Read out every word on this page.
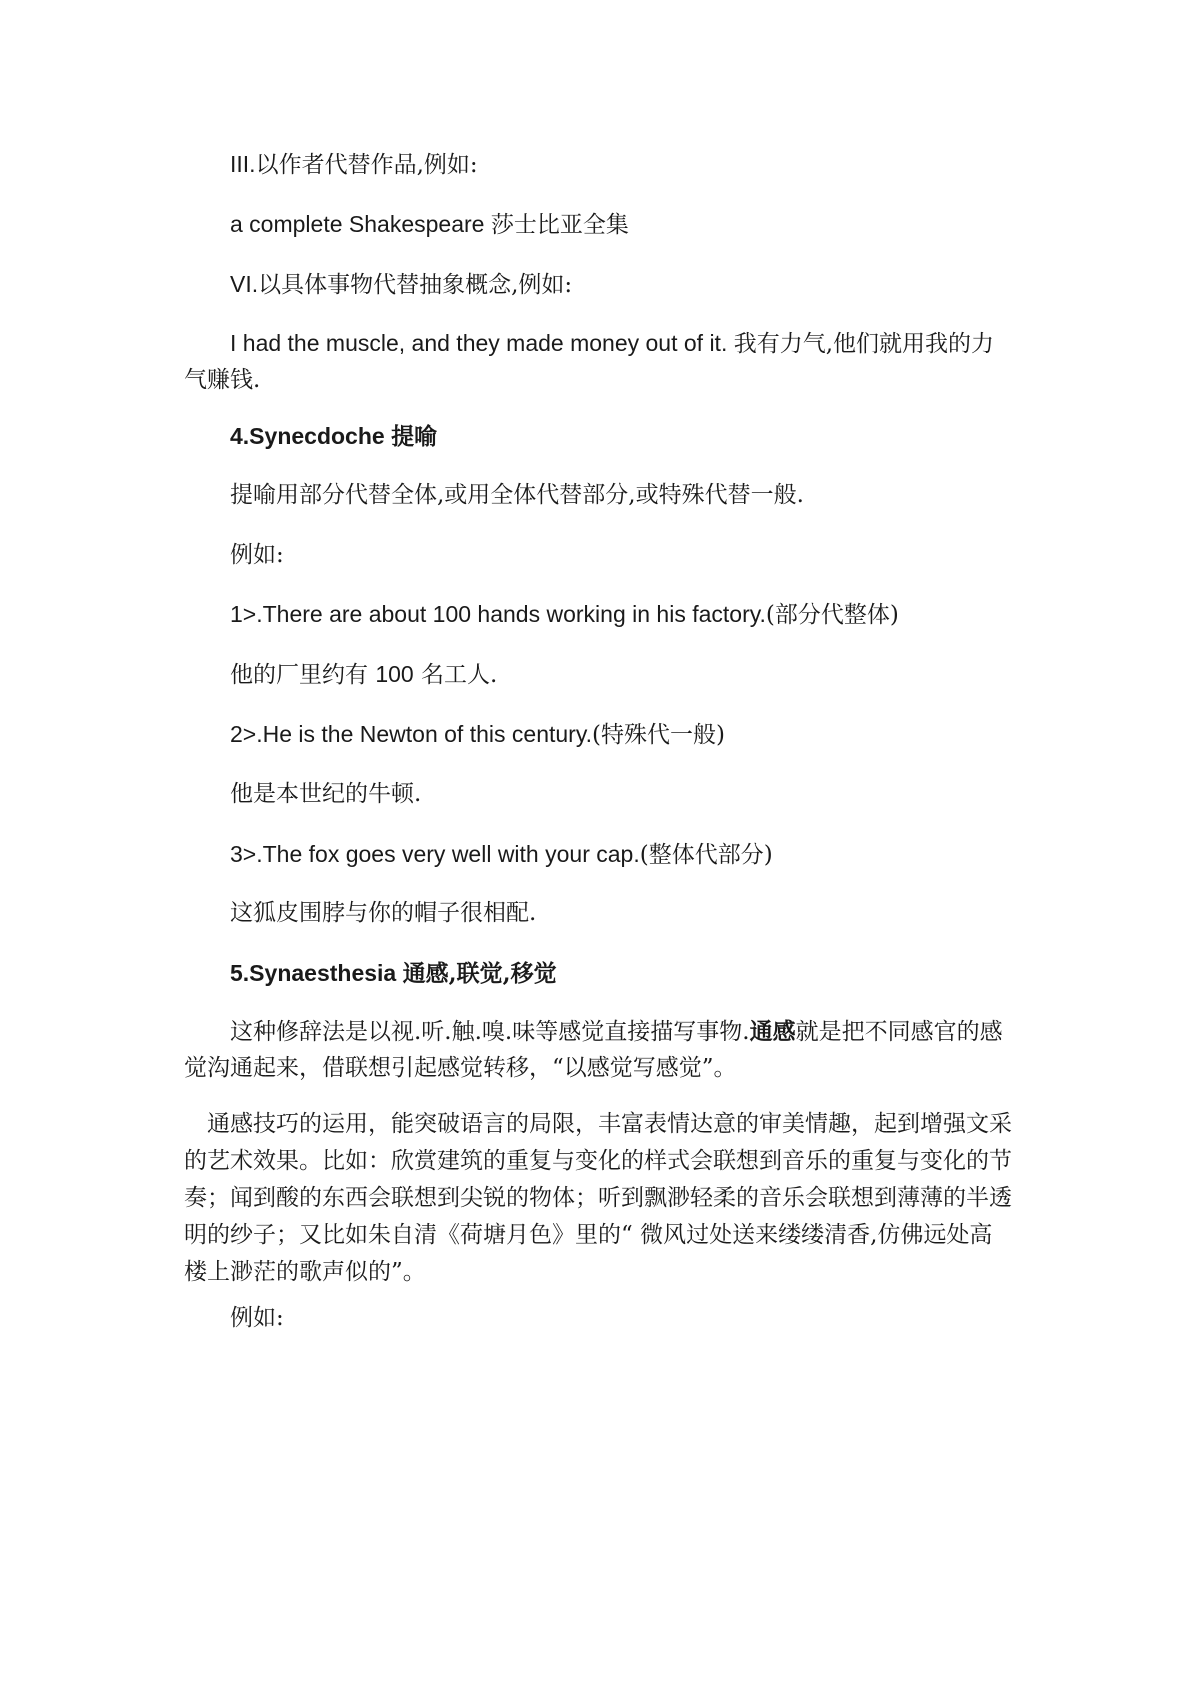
III.以作者代替作品,例如:
a complete Shakespeare 莎士比亚全集
VI.以具体事物代替抽象概念,例如:
I had the muscle, and they made money out of it. 我有力气,他们就用我的力气赚钱.
4.Synecdoche 提喻
提喻用部分代替全体,或用全体代替部分,或特殊代替一般.
例如:
1>.There are about 100 hands working in his factory.(部分代整体)
他的厂里约有 100 名工人.
2>.He is the Newton of this century.(特殊代一般)
他是本世纪的牛顿.
3>.The fox goes very well with your cap.(整体代部分)
这狐皮围脖与你的帽子很相配.
5.Synaesthesia 通感,联觉,移觉
这种修辞法是以视.听.触.嗅.味等感觉直接描写事物.通感就是把不同感官的感觉沟通起来，借联想引起感觉转移，“以感觉写感觉”。
通感技巧的运用，能突破语言的局限，丰富表情达意的审美情趣，起到增强文采的艺术效果。比如：欣赏建筑的重复与变化的样式会联想到音乐的重复与变化的节奏；闻到酸的东西会联想到尖锐的物体；听到飘渺轻柔的音乐会联想到薄薄的半透明的纱子；又比如朱自清《荷塘月色》里的“ 微风过处送来缕缕清香,仿佛远处高楼上渺茫的歌声似的”。
例如:
